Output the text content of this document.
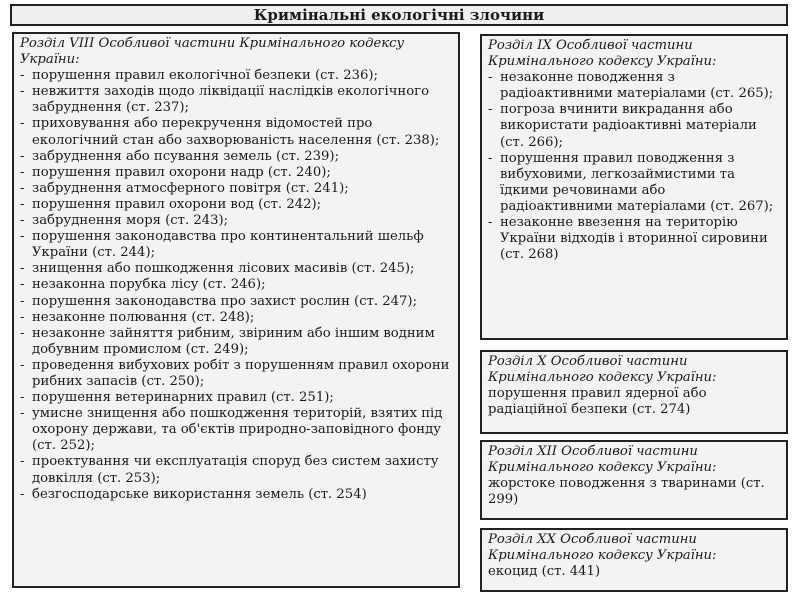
Кримінальні екологічні злочини

Розділ VIII Особливої частини Кримінального кодексу України:

- порушення правил екологічної безпеки (ст. 236);
- невжиття заходів щодо ліквідації наслідків екологічного забруднення (ст. 237);
- приховування або перекручення відомостей про екологічний стан або захворюваність населення (ст. 238);
- забруднення або псування земель (ст. 239);
- порушення правил охорони надр (ст. 240);
- забруднення атмосферного повітря (ст. 241);
- порушення правил охорони вод (ст. 242);
- забруднення моря (ст. 243);
- порушення законодавства про континентальний шельф України (ст. 244);
- знищення або пошкодження лісових масивів (ст. 245);
- незаконна порубка лісу (ст. 246);
- порушення законодавства про захист рослин (ст. 247);
- незаконне полювання (ст. 248);
- незаконне зайняття рибним, звіриним або іншим водним добувним промислом (ст. 249);
- проведення вибухових робіт з порушенням правил охорони рибних запасів (ст. 250);
- порушення ветеринарних правил (ст. 251);
- умисне знищення або пошкодження територій, взятих під охорону держави, та об'єктів природно-заповідного фонду (ст. 252);
- проектування чи експлуатація споруд без систем захисту довкілля (ст. 253);
- безгосподарське використання земель (ст. 254)

Розділ IX Особливої частини Кримінального кодексу України:

- незаконне поводження з радіоактивними матеріалами (ст. 265);
- погроза вчинити викрадання або використати радіоактивні матеріали (ст. 266);
- порушення правил поводження з вибуховими, легкозаймистими та їдкими речовинами або радіоактивними матеріалами (ст. 267);
- незаконне ввезення на територію України відходів і вторинної сировини (ст. 268)

Розділ Х Особливої частини Кримінального кодексу України:

порушення правил ядерної або радіаційної безпеки (ст. 274)

Розділ ХІІ Особливої частини Кримінального кодексу України:

жорстоке поводження з тваринами (ст. 299)

Розділ ХХ Особливої частини Кримінального кодексу України:

екоцид (ст. 441)
